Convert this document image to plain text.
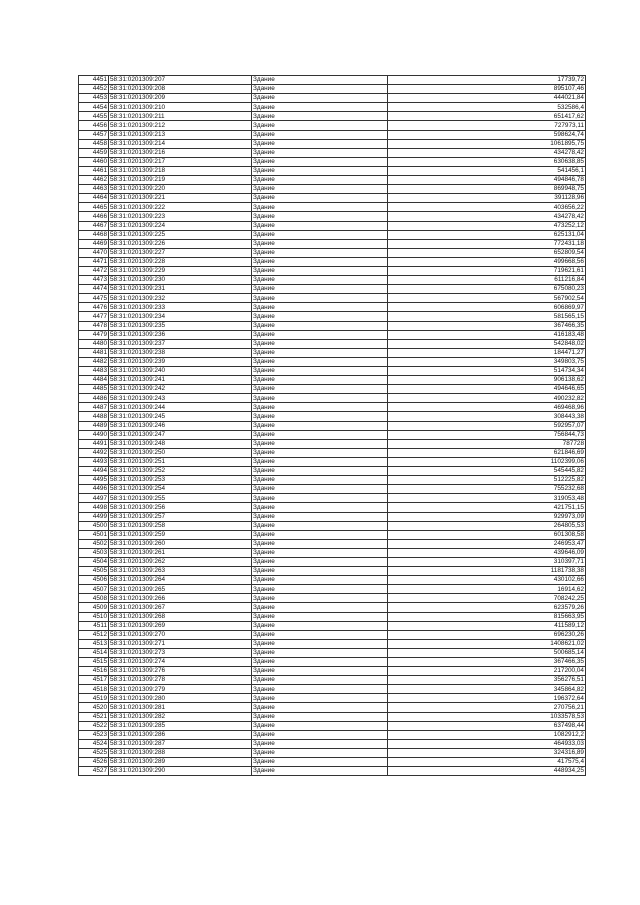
4451	58:31:0201309:207	Здание	17739,72
4452	58:31:0201309:208	Здание	895107,46
4453	58:31:0201309:209	Здание	444021,84
4454	58:31:0201309:210	Здание	532586,4
4455	58:31:0201309:211	Здание	651417,62
4456	58:31:0201309:212	Здание	727973,11
4457	58:31:0201309:213	Здание	598624,74
4458	58:31:0201309:214	Здание	1061895,75
4459	58:31:0201309:216	Здание	434278,42
4460	58:31:0201309:217	Здание	630638,85
4461	58:31:0201309:218	Здание	541456,1
4462	58:31:0201309:219	Здание	494846,78
4463	58:31:0201309:220	Здание	869948,75
4464	58:31:0201309:221	Здание	391128,96
4465	58:31:0201309:222	Здание	403656,22
4466	58:31:0201309:223	Здание	434278,42
4467	58:31:0201309:224	Здание	473252,12
4468	58:31:0201309:225	Здание	625131,04
4469	58:31:0201309:226	Здание	772431,18
4470	58:31:0201309:227	Здание	652809,54
4471	58:31:0201309:228	Здание	499668,56
4472	58:31:0201309:229	Здание	719621,61
4473	58:31:0201309:230	Здание	611216,84
4474	58:31:0201309:231	Здание	675080,23
4475	58:31:0201309:232	Здание	567902,54
4476	58:31:0201309:233	Здание	606869,97
4477	58:31:0201309:234	Здание	581565,15
4478	58:31:0201309:235	Здание	367466,35
4479	58:31:0201309:236	Здание	416183,48
4480	58:31:0201309:237	Здание	542848,02
4481	58:31:0201309:238	Здание	184471,27
4482	58:31:0201309:239	Здание	349803,75
4483	58:31:0201309:240	Здание	514734,34
4484	58:31:0201309:241	Здание	906138,62
4485	58:31:0201309:242	Здание	494646,65
4486	58:31:0201309:243	Здание	490232,82
4487	58:31:0201309:244	Здание	469468,96
4488	58:31:0201309:245	Здание	308443,38
4489	58:31:0201309:246	Здание	592957,07
4490	58:31:0201309:247	Здание	756844,73
4491	58:31:0201309:248	Здание	787728
4492	58:31:0201309:250	Здание	621846,69
4493	58:31:0201309:251	Здание	1102399,06
4494	58:31:0201309:252	Здание	545445,82
4495	58:31:0201309:253	Здание	512225,82
4496	58:31:0201309:254	Здание	755232,68
4497	58:31:0201309:255	Здание	319053,48
4498	58:31:0201309:256	Здание	421751,15
4499	58:31:0201309:257	Здание	929973,09
4500	58:31:0201309:258	Здание	264805,53
4501	58:31:0201309:259	Здание	601308,58
4502	58:31:0201309:260	Здание	246953,47
4503	58:31:0201309:261	Здание	439646,09
4504	58:31:0201309:262	Здание	310397,71
4505	58:31:0201309:263	Здание	1181738,38
4506	58:31:0201309:264	Здание	430102,66
4507	58:31:0201309:265	Здание	16914,62
4508	58:31:0201309:266	Здание	708242,25
4509	58:31:0201309:267	Здание	623579,26
4510	58:31:0201309:268	Здание	815663,95
4511	58:31:0201309:269	Здание	411589,12
4512	58:31:0201309:270	Здание	696230,26
4513	58:31:0201309:271	Здание	1408621,02
4514	58:31:0201309:273	Здание	500685,14
4515	58:31:0201309:274	Здание	367466,35
4516	58:31:0201309:276	Здание	217200,04
4517	58:31:0201309:278	Здание	356276,51
4518	58:31:0201309:279	Здание	345864,82
4519	58:31:0201309:280	Здание	196372,64
4520	58:31:0201309:281	Здание	270756,21
4521	58:31:0201309:282	Здание	1033578,53
4522	58:31:0201309:285	Здание	637498,44
4523	58:31:0201309:286	Здание	1082912,2
4524	58:31:0201309:287	Здание	464933,03
4525	58:31:0201309:288	Здание	324316,89
4526	58:31:0201309:289	Здание	417575,4
4527	58:31:0201309:290	Здание	448934,25
